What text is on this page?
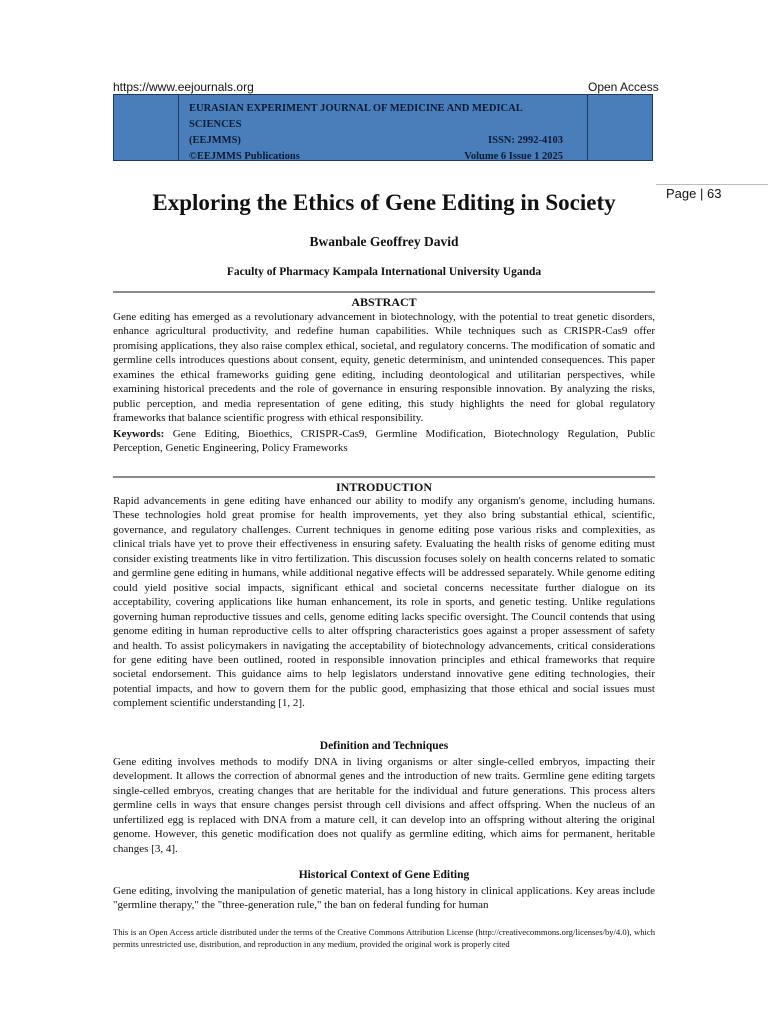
https://www.eejournals.org	Open Access
EURASIAN EXPERIMENT JOURNAL OF MEDICINE AND MEDICAL SCIENCES
(EEJMMS)	ISSN: 2992-4103
©EEJMMS Publications	Volume 6 Issue 1 2025
Page | 63
Exploring the Ethics of Gene Editing in Society
Bwanbale Geoffrey David
Faculty of Pharmacy Kampala International University Uganda
ABSTRACT

Gene editing has emerged as a revolutionary advancement in biotechnology, with the potential to treat genetic disorders, enhance agricultural productivity, and redefine human capabilities. While techniques such as CRISPR-Cas9 offer promising applications, they also raise complex ethical, societal, and regulatory concerns. The modification of somatic and germline cells introduces questions about consent, equity, genetic determinism, and unintended consequences. This paper examines the ethical frameworks guiding gene editing, including deontological and utilitarian perspectives, while examining historical precedents and the role of governance in ensuring responsible innovation. By analyzing the risks, public perception, and media representation of gene editing, this study highlights the need for global regulatory frameworks that balance scientific progress with ethical responsibility.

Keywords: Gene Editing, Bioethics, CRISPR-Cas9, Germline Modification, Biotechnology Regulation, Public Perception, Genetic Engineering, Policy Frameworks

INTRODUCTION

Rapid advancements in gene editing have enhanced our ability to modify any organism's genome, including humans. These technologies hold great promise for health improvements, yet they also bring substantial ethical, scientific, governance, and regulatory challenges. Current techniques in genome editing pose various risks and complexities, as clinical trials have yet to prove their effectiveness in ensuring safety. Evaluating the health risks of genome editing must consider existing treatments like in vitro fertilization. This discussion focuses solely on health concerns related to somatic and germline gene editing in humans, while additional negative effects will be addressed separately. While genome editing could yield positive social impacts, significant ethical and societal concerns necessitate further dialogue on its acceptability, covering applications like human enhancement, its role in sports, and genetic testing. Unlike regulations governing human reproductive tissues and cells, genome editing lacks specific oversight. The Council contends that using genome editing in human reproductive cells to alter offspring characteristics goes against a proper assessment of safety and health. To assist policymakers in navigating the acceptability of biotechnology advancements, critical considerations for gene editing have been outlined, rooted in responsible innovation principles and ethical frameworks that require societal endorsement. This guidance aims to help legislators understand innovative gene editing technologies, their potential impacts, and how to govern them for the public good, emphasizing that those ethical and social issues must complement scientific understanding [1, 2].

Definition and Techniques

Gene editing involves methods to modify DNA in living organisms or alter single-celled embryos, impacting their development. It allows the correction of abnormal genes and the introduction of new traits. Germline gene editing targets single-celled embryos, creating changes that are heritable for the individual and future generations. This process alters germline cells in ways that ensure changes persist through cell divisions and affect offspring. When the nucleus of an unfertilized egg is replaced with DNA from a mature cell, it can develop into an offspring without altering the original genome. However, this genetic modification does not qualify as germline editing, which aims for permanent, heritable changes [3, 4].

Historical Context of Gene Editing

Gene editing, involving the manipulation of genetic material, has a long history in clinical applications. Key areas include "germline therapy," the "three-generation rule," the ban on federal funding for human

This is an Open Access article distributed under the terms of the Creative Commons Attribution License (http://creativecommons.org/licenses/by/4.0), which permits unrestricted use, distribution, and reproduction in any medium, provided the original work is properly cited
